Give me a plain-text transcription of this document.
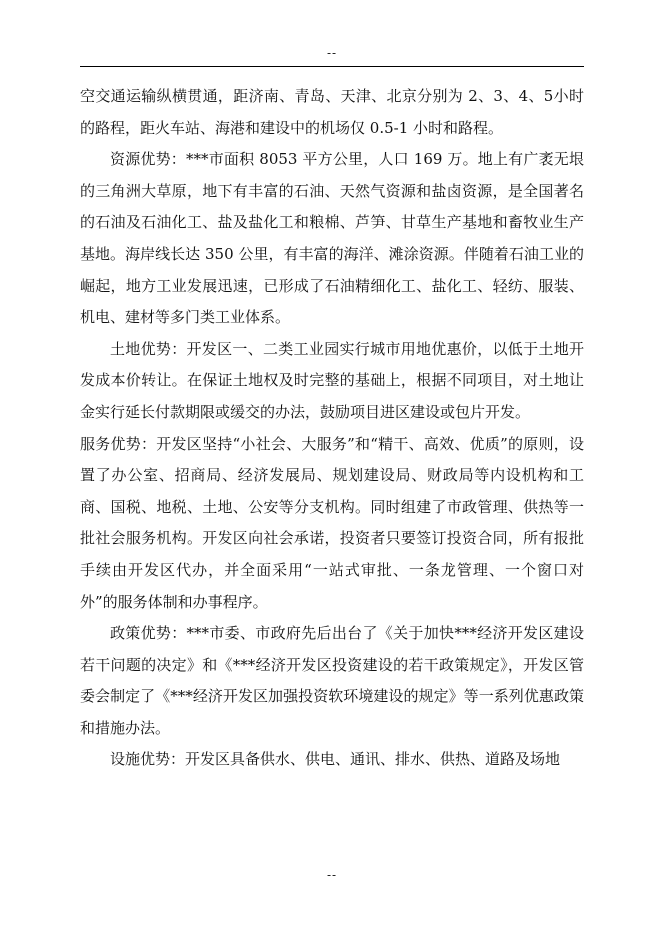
--

空交通运输纵横贯通，距济南、青岛、天津、北京分别为 2、3、4、5小时的路程，距火车站、海港和建设中的机场仅 0.5-1 小时和路程。

资源优势：***市面积 8053 平方公里，人口 169 万。地上有广袤无垠的三角洲大草原，地下有丰富的石油、天然气资源和盐卤资源，是全国著名的石油及石油化工、盐及盐化工和粮棉、芦笋、甘草生产基地和畜牧业生产基地。海岸线长达 350 公里，有丰富的海洋、滩涂资源。伴随着石油工业的崛起，地方工业发展迅速，已形成了石油精细化工、盐化工、轻纺、服装、机电、建材等多门类工业体系。

土地优势：开发区一、二类工业园实行城市用地优惠价，以低于土地开发成本价转让。在保证土地权及时完整的基础上，根据不同项目，对土地让金实行延长付款期限或缓交的办法，鼓励项目进区建设或包片开发。

服务优势：开发区坚持“小社会、大服务”和“精干、高效、优质”的原则，设置了办公室、招商局、经济发展局、规划建设局、财政局等内设机构和工商、国税、地税、土地、公安等分支机构。同时组建了市政管理、供热等一批社会服务机构。开发区向社会承诺，投资者只要签订投资合同，所有报批手续由开发区代办，并全面采用“一站式审批、一条龙管理、一个窗口对外”的服务体制和办事程序。

政策优势：***市委、市政府先后出台了《关于加快***经济开发区建设若干问题的决定》和《***经济开发区投资建设的若干政策规定》，开发区管委会制定了《***经济开发区加强投资软环境建设的规定》等一系列优惠政策和措施办法。

设施优势：开发区具备供水、供电、通讯、排水、供热、道路及场地

--
